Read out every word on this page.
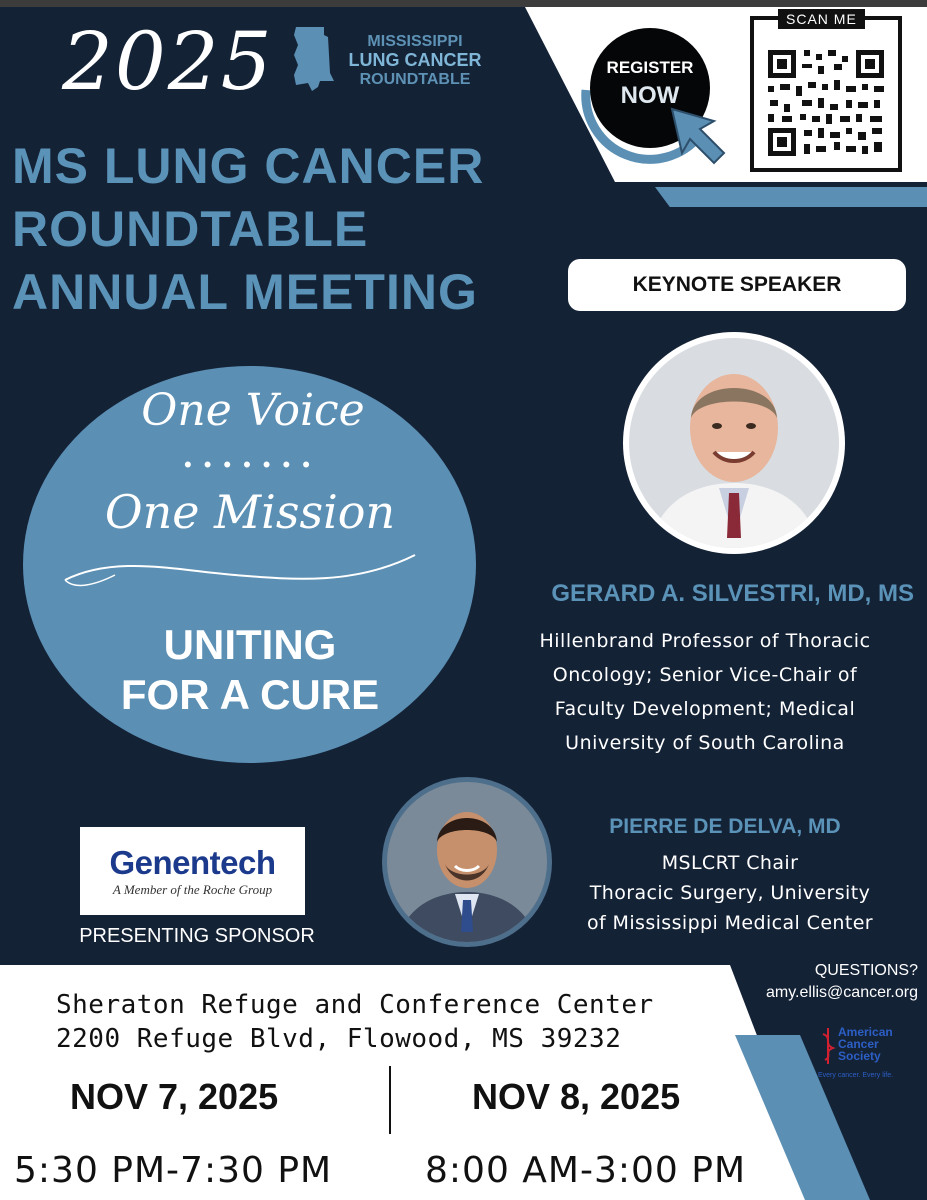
2025	MISSISSIPPI
LUNG CANCER
ROUNDTABLE
MS LUNG CANCER
ROUNDTABLE
ANNUAL MEETING
REGISTER
NOW
SCAN ME
KEYNOTE SPEAKER
One Voice
•••••••
One Mission
UNITING
FOR A CURE
GERARD A. SILVESTRI, MD, MS
Hillenbrand Professor of Thoracic
Oncology; Senior Vice-Chair of
Faculty Development; Medical
University of South Carolina
PIERRE DE DELVA, MD
MSLCRT Chair
Thoracic Surgery, University
of Mississippi Medical Center
Genentech
A Member of the Roche Group
PRESENTING SPONSOR
Sheraton Refuge and Conference Center
2200 Refuge Blvd, Flowood, MS 39232
NOV 7, 2025	NOV 8, 2025
5:30 PM-7:30 PM	8:00 AM-3:00 PM
QUESTIONS?
amy.ellis@cancer.org
American
Cancer
Society
Every cancer. Every life.
